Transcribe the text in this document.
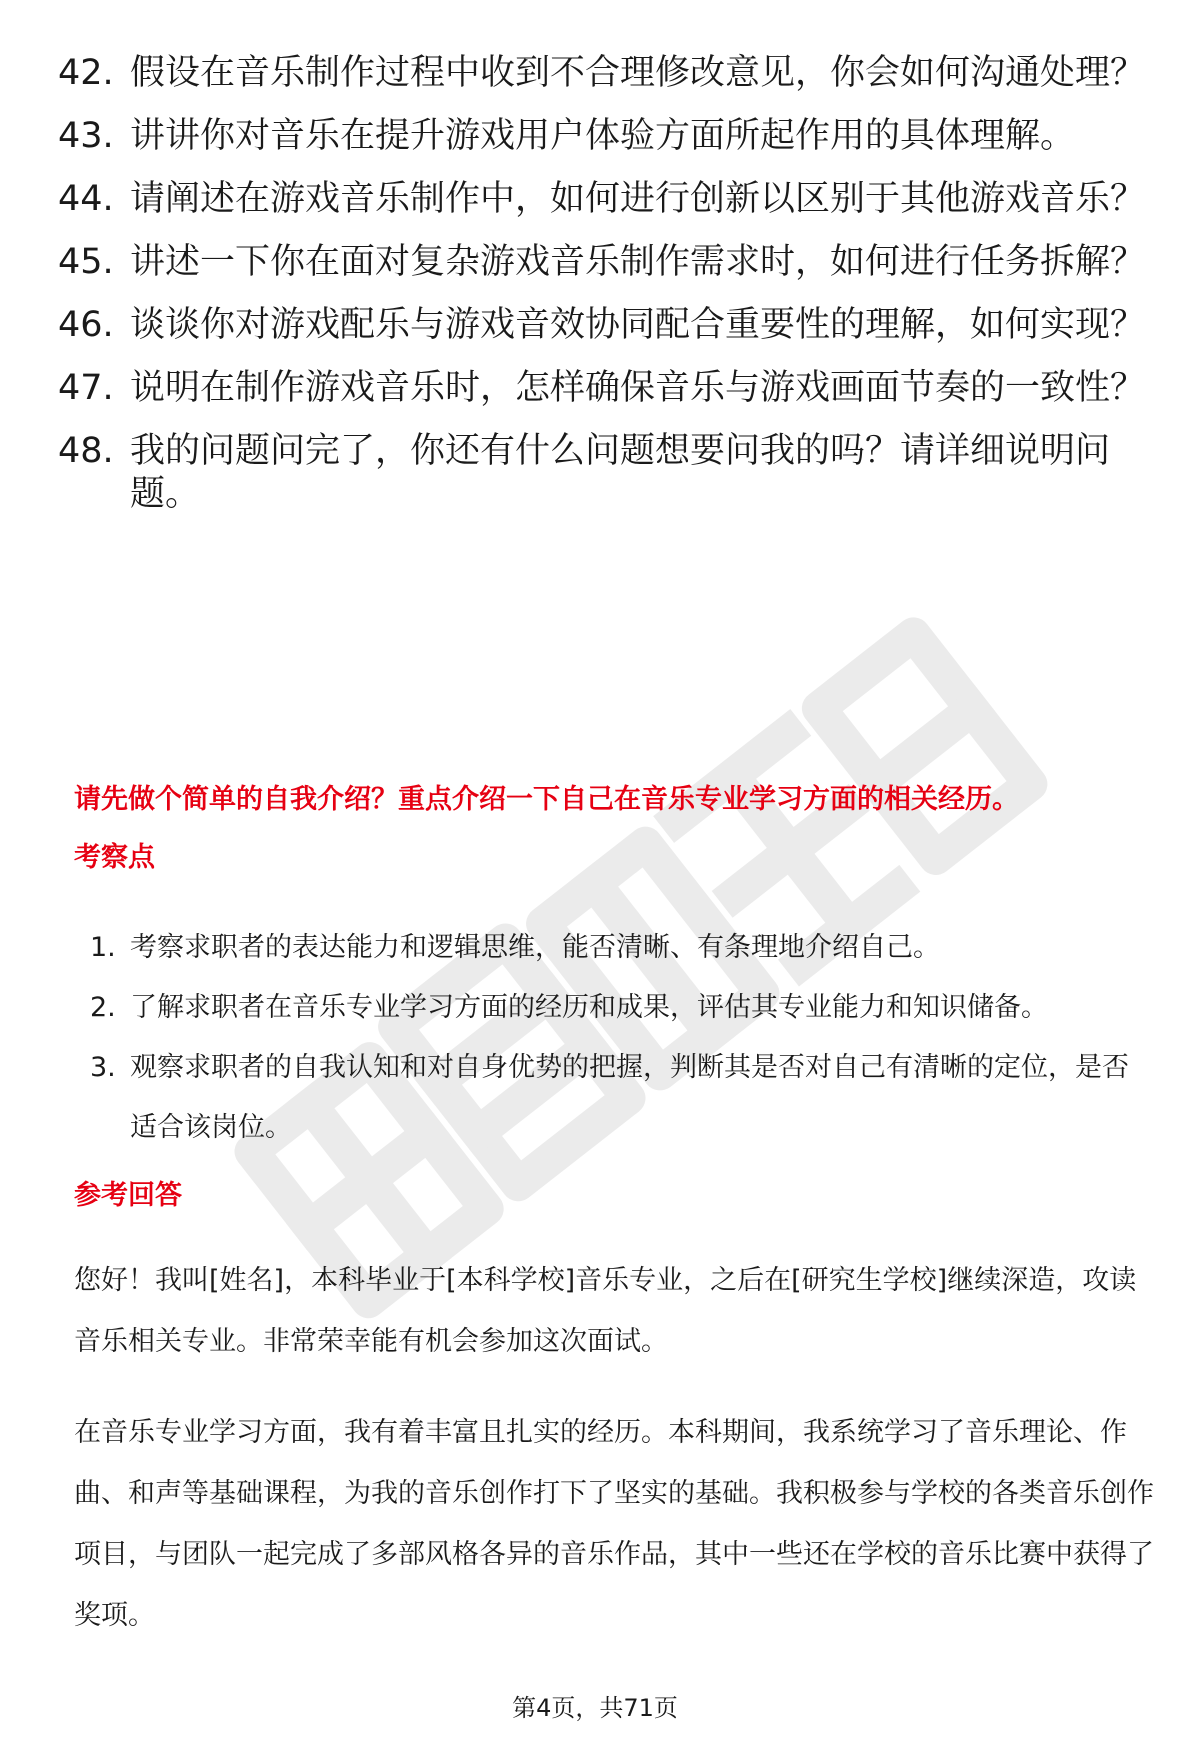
42. 假设在音乐制作过程中收到不合理修改意见，你会如何沟通处理？
43. 讲讲你对音乐在提升游戏用户体验方面所起作用的具体理解。
44. 请阐述在游戏音乐制作中，如何进行创新以区别于其他游戏音乐？
45. 讲述一下你在面对复杂游戏音乐制作需求时，如何进行任务拆解？
46. 谈谈你对游戏配乐与游戏音效协同配合重要性的理解，如何实现？
47. 说明在制作游戏音乐时，怎样确保音乐与游戏画面节奏的一致性？
48. 我的问题问完了，你还有什么问题想要问我的吗？请详细说明问题。
请先做个简单的自我介绍？重点介绍一下自己在音乐专业学习方面的相关经历。
考察点
1. 考察求职者的表达能力和逻辑思维，能否清晰、有条理地介绍自己。
2. 了解求职者在音乐专业学习方面的经历和成果，评估其专业能力和知识储备。
3. 观察求职者的自我认知和对自身优势的把握，判断其是否对自己有清晰的定位，是否适合该岗位。
参考回答

您好！我叫[姓名]，本科毕业于[本科学校]音乐专业，之后在[研究生学校]继续深造，攻读音乐相关专业。非常荣幸能有机会参加这次面试。

在音乐专业学习方面，我有着丰富且扎实的经历。本科期间，我系统学习了音乐理论、作曲、和声等基础课程，为我的音乐创作打下了坚实的基础。我积极参与学校的各类音乐创作项目，与团队一起完成了多部风格各异的音乐作品，其中一些还在学校的音乐比赛中获得了奖项。

第4页，共71页
